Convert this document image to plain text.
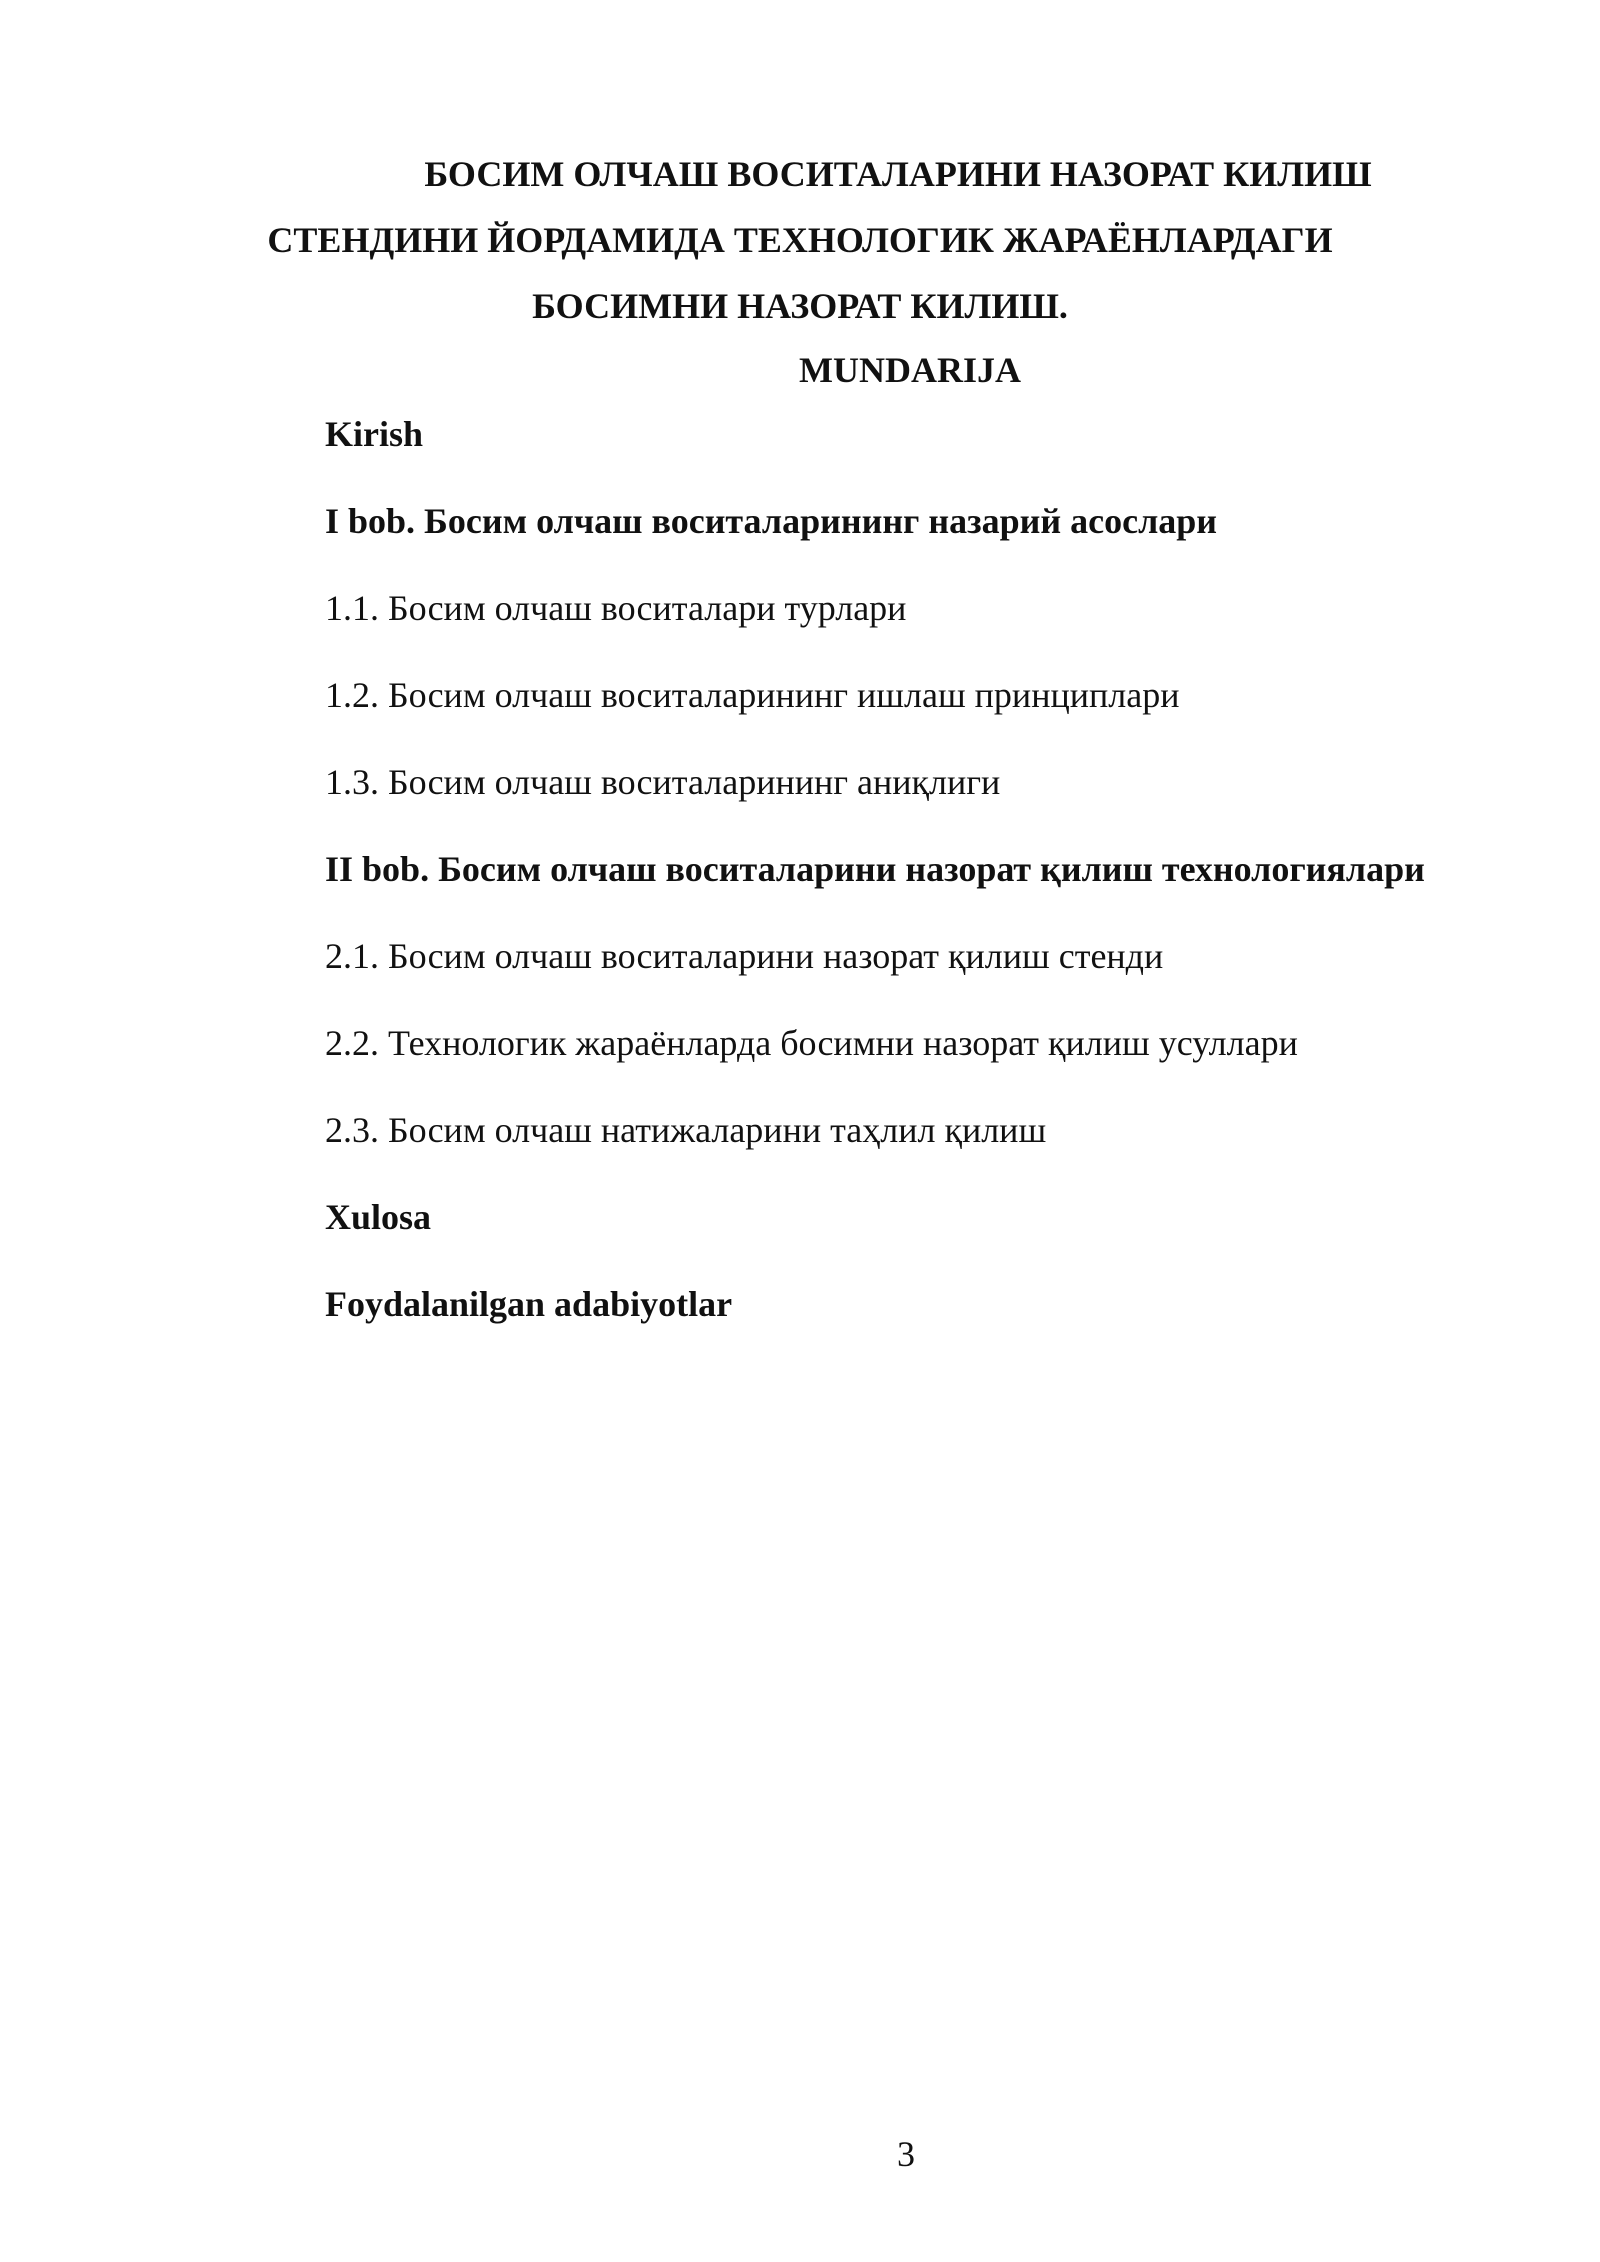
БОСИМ ОЛЧАШ ВОСИТАЛАРИНИ НАЗОРАТ КИЛИШ
СТЕНДИНИ ЙОРДАМИДА ТЕХНОЛОГИК ЖАРАЁНЛАРДАГИ
БОСИМНИ НАЗОРАТ КИЛИШ.
MUNDARIJA
Kirish
I bob. Босим олчаш воситаларининг назарий асослари
1.1. Босим олчаш воситалари турлари
1.2. Босим олчаш воситаларининг ишлаш принциплари
1.3. Босим олчаш воситаларининг аниқлиги
II bob. Босим олчаш воситаларини назорат қилиш технологиялари
2.1. Босим олчаш воситаларини назорат қилиш стенди
2.2. Технологик жараёнларда босимни назорат қилиш усуллари
2.3. Босим олчаш натижаларини таҳлил қилиш
Xulosa
Foydalanilgan adabiyotlar
3
